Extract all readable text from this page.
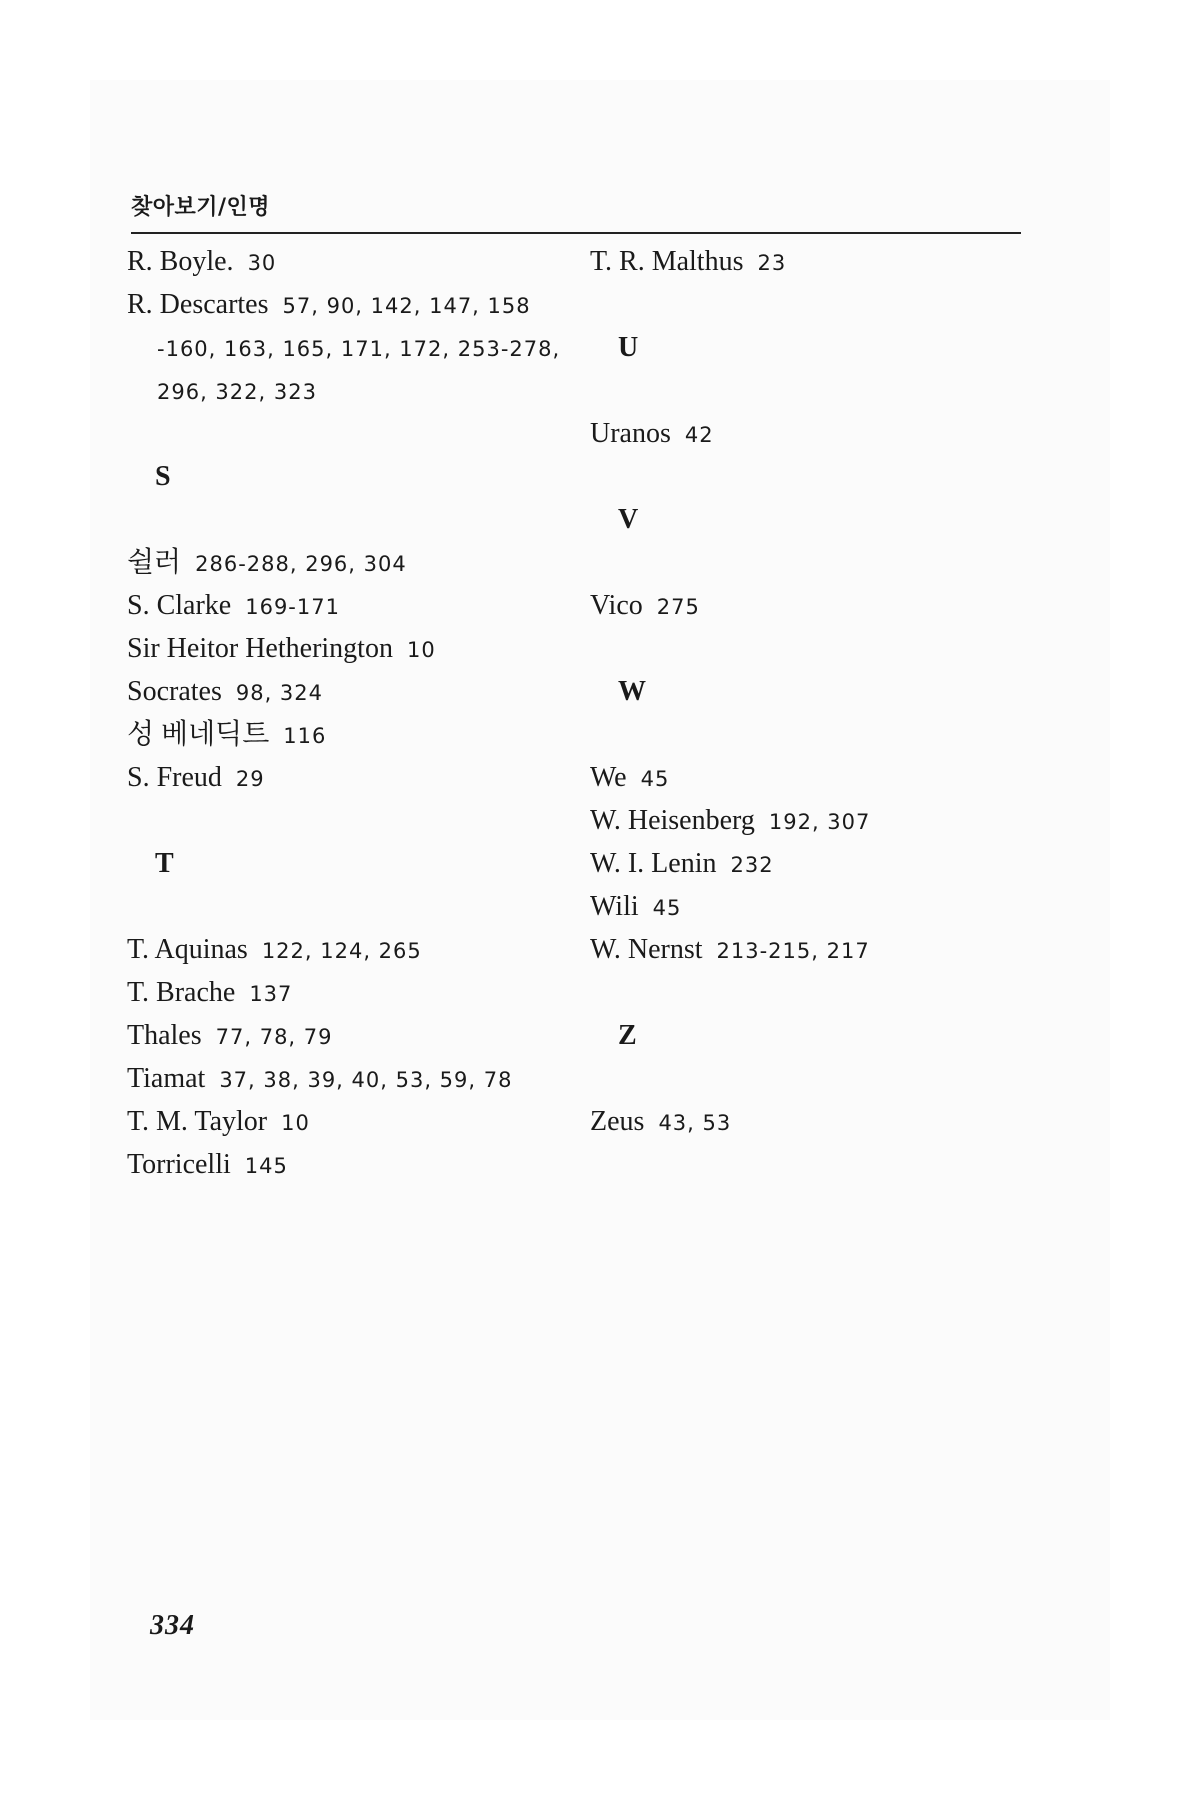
찾아보기/인명
R. Boyle. 30
R. Descartes 57, 90, 142, 147, 158
-160, 163, 165, 171, 172, 253-278,
296, 322, 323
S
쉴러 286-288, 296, 304
S. Clarke 169-171
Sir Heitor Hetherington 10
Socrates 98, 324
성 베네딕트 116
S. Freud 29
T
T. Aquinas 122, 124, 265
T. Brache 137
Thales 77, 78, 79
Tiamat 37, 38, 39, 40, 53, 59, 78
T. M. Taylor 10
Torricelli 145
T. R. Malthus 23
U
Uranos 42
V
Vico 275
W
We 45
W. Heisenberg 192, 307
W. I. Lenin 232
Wili 45
W. Nernst 213-215, 217
Z
Zeus 43, 53
334
